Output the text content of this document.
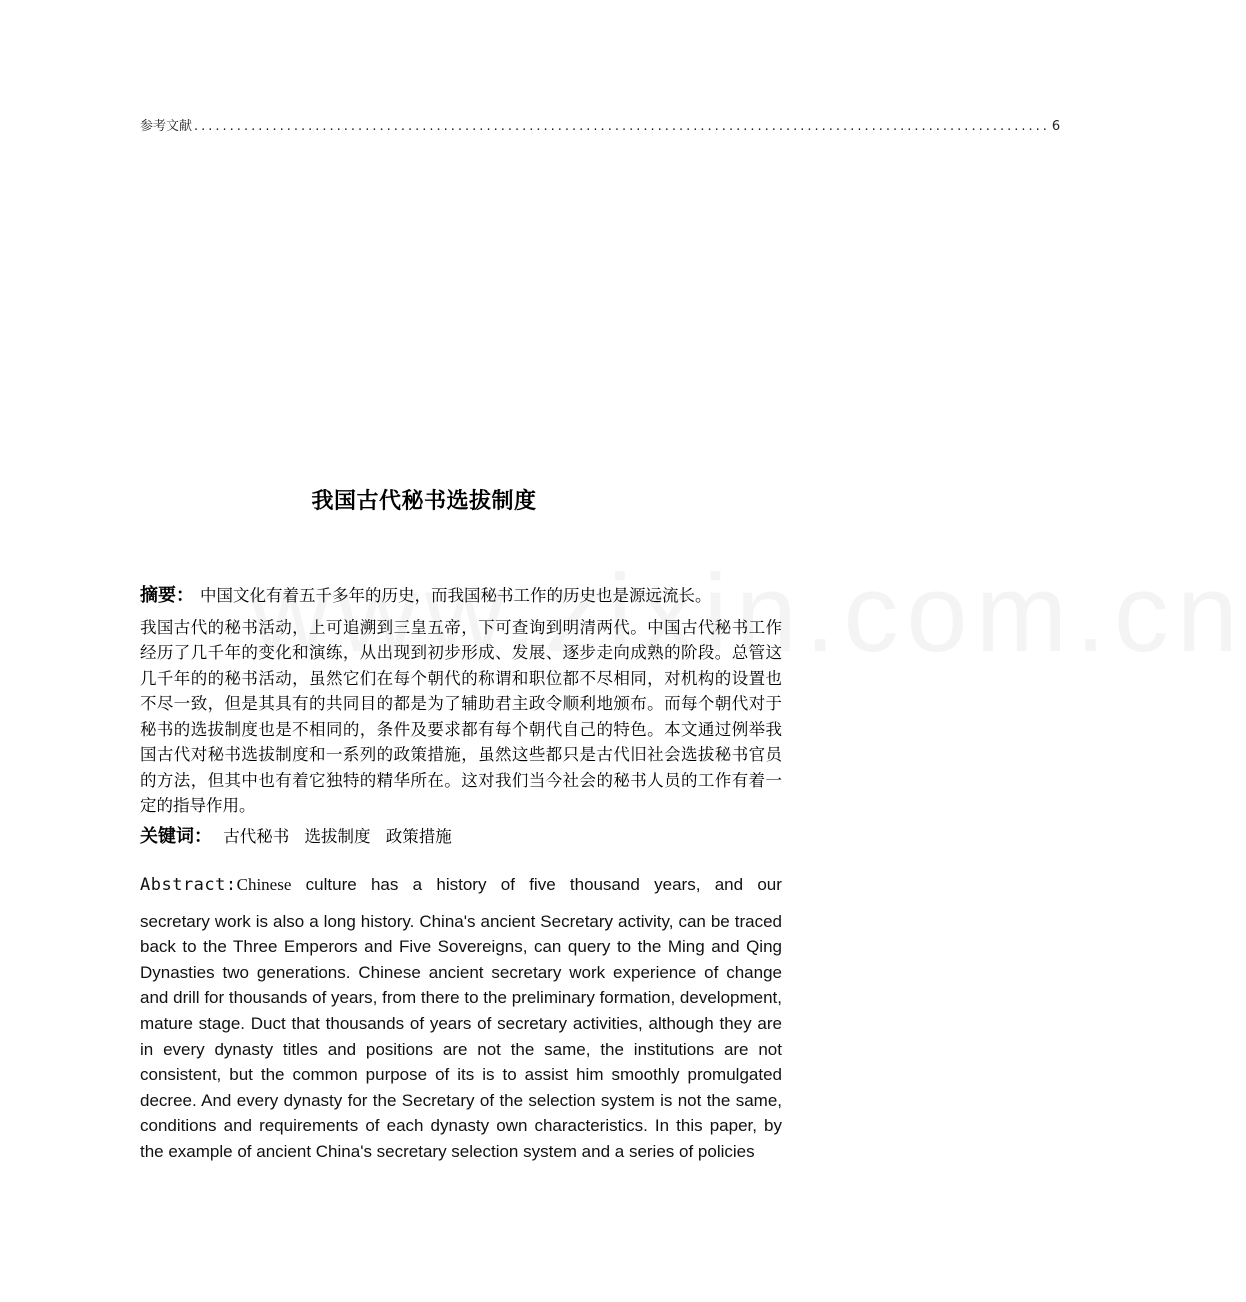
参考文献 ........................................................................................................................ 6
我国古代秘书选拔制度
摘要： 中国文化有着五千多年的历史，而我国秘书工作的历史也是源远流长。
我国古代的秘书活动，上可追溯到三皇五帝，下可查询到明清两代。中国古代秘书工作经历了几千年的变化和演练，从出现到初步形成、发展、逐步走向成熟的阶段。总管这几千年的的秘书活动，虽然它们在每个朝代的称谓和职位都不尽相同，对机构的设置也不尽一致，但是其具有的共同目的都是为了辅助君主政令顺利地颁布。而每个朝代对于秘书的选拔制度也是不相同的，条件及要求都有每个朝代自己的特色。本文通过例举我国古代对秘书选拔制度和一系列的政策措施，虽然这些都只是古代旧社会选拔秘书官员的方法，但其中也有着它独特的精华所在。这对我们当今社会的秘书人员的工作有着一定的指导作用。
关键词： 古代秘书 选拔制度 政策措施
Abstract:Chinese culture has a history of five thousand years, and our
secretary work is also a long history. China's ancient Secretary activity, can be traced back to the Three Emperors and Five Sovereigns, can query to the Ming and Qing Dynasties two generations. Chinese ancient secretary work experience of change and drill for thousands of years, from there to the preliminary formation, development, mature stage. Duct that thousands of years of secretary activities, although they are in every dynasty titles and positions are not the same, the institutions are not consistent, but the common purpose of its is to assist him smoothly promulgated decree. And every dynasty for the Secretary of the selection system is not the same, conditions and requirements of each dynasty own characteristics. In this paper, by the example of ancient China's secretary selection system and a series of policies
